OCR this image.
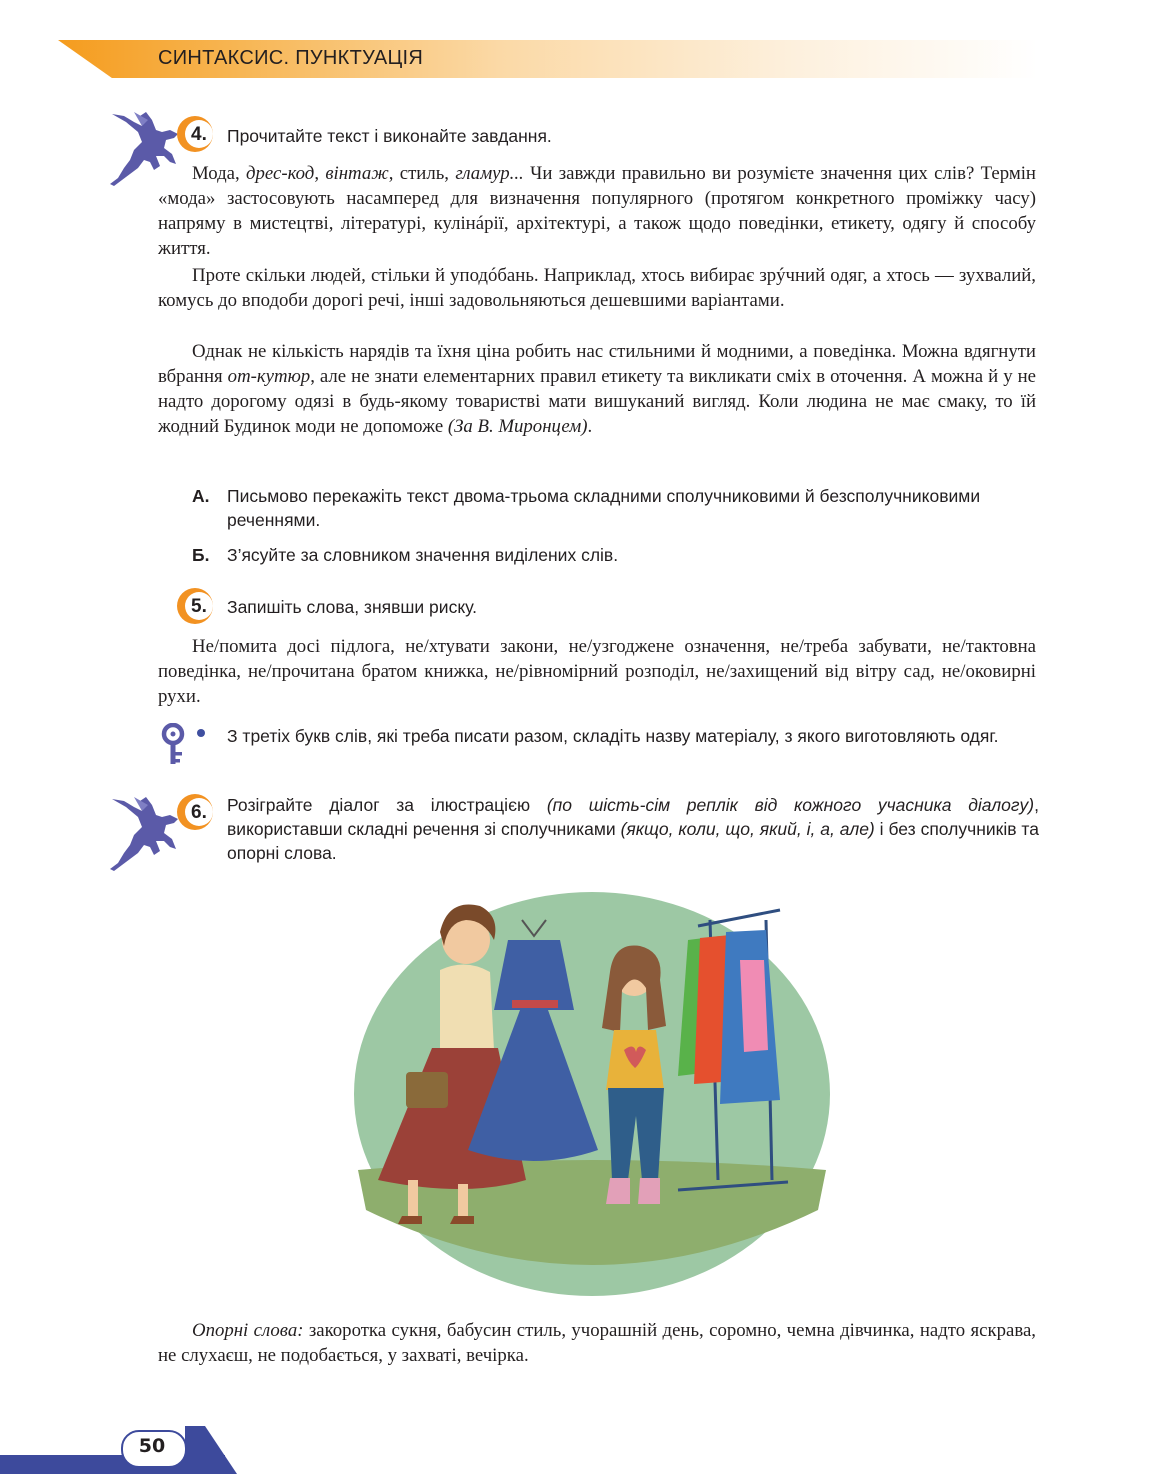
СИНТАКСИС. ПУНКТУАЦІЯ
4. Прочитайте текст і виконайте завдання.

Мода, дрес-код, вінтаж, стиль, гламур... Чи завжди правильно ви розумієте значення цих слів? Термін «мода» застосовують насамперед для визначення популярного (протягом конкретного проміжку часу) напряму в мистецтві, літературі, кулінáрії, архітектурі, а також щодо поведінки, етикету, одягу й способу життя.

Проте скільки людей, стільки й уподóбань. Наприклад, хтось вибирає зрýчний одяг, а хтось — зухвалий, комусь до вподоби дорогі речі, інші задовольняються дешевшими варіантами.

Однак не кількість нарядів та їхня ціна робить нас стильними й модними, а поведінка. Можна вдягнути вбрання от-кутюр, але не знати елементарних правил етикету та викликати сміх в оточення. А можна й у не надто дорогому одязі в будь-якому товаристві мати вишуканий вигляд. Коли людина не має смаку, то їй жодний Будинок моди не допоможе (За В. Миронцем).

А. Письмово перекажіть текст двома-трьома складними сполучниковими й безсполучниковими реченнями.
Б. З’ясуйте за словником значення виділених слів.
5. Запишіть слова, знявши риску.

Не/помита досі підлога, не/хтувати закони, не/узгоджене означення, не/треба забувати, не/тактовна поведінка, не/прочитана братом книжка, не/рівномірний розподіл, не/захищений від вітру сад, не/оковирні рухи.

З третіх букв слів, які треба писати разом, складіть назву матеріалу, з якого виготовляють одяг.
6. Розіграйте діалог за ілюстрацією (по шість-сім реплік від кожного учасника діалогу), використавши складні речення зі сполучниками (якщо, коли, що, який, і, а, але) і без сполучників та опорні слова.

Опорні слова: закоротка сукня, бабусин стиль, учорашній день, соромно, чемна дівчинка, надто яскрава, не слухаєш, не подобається, у захваті, вечірка.

50
